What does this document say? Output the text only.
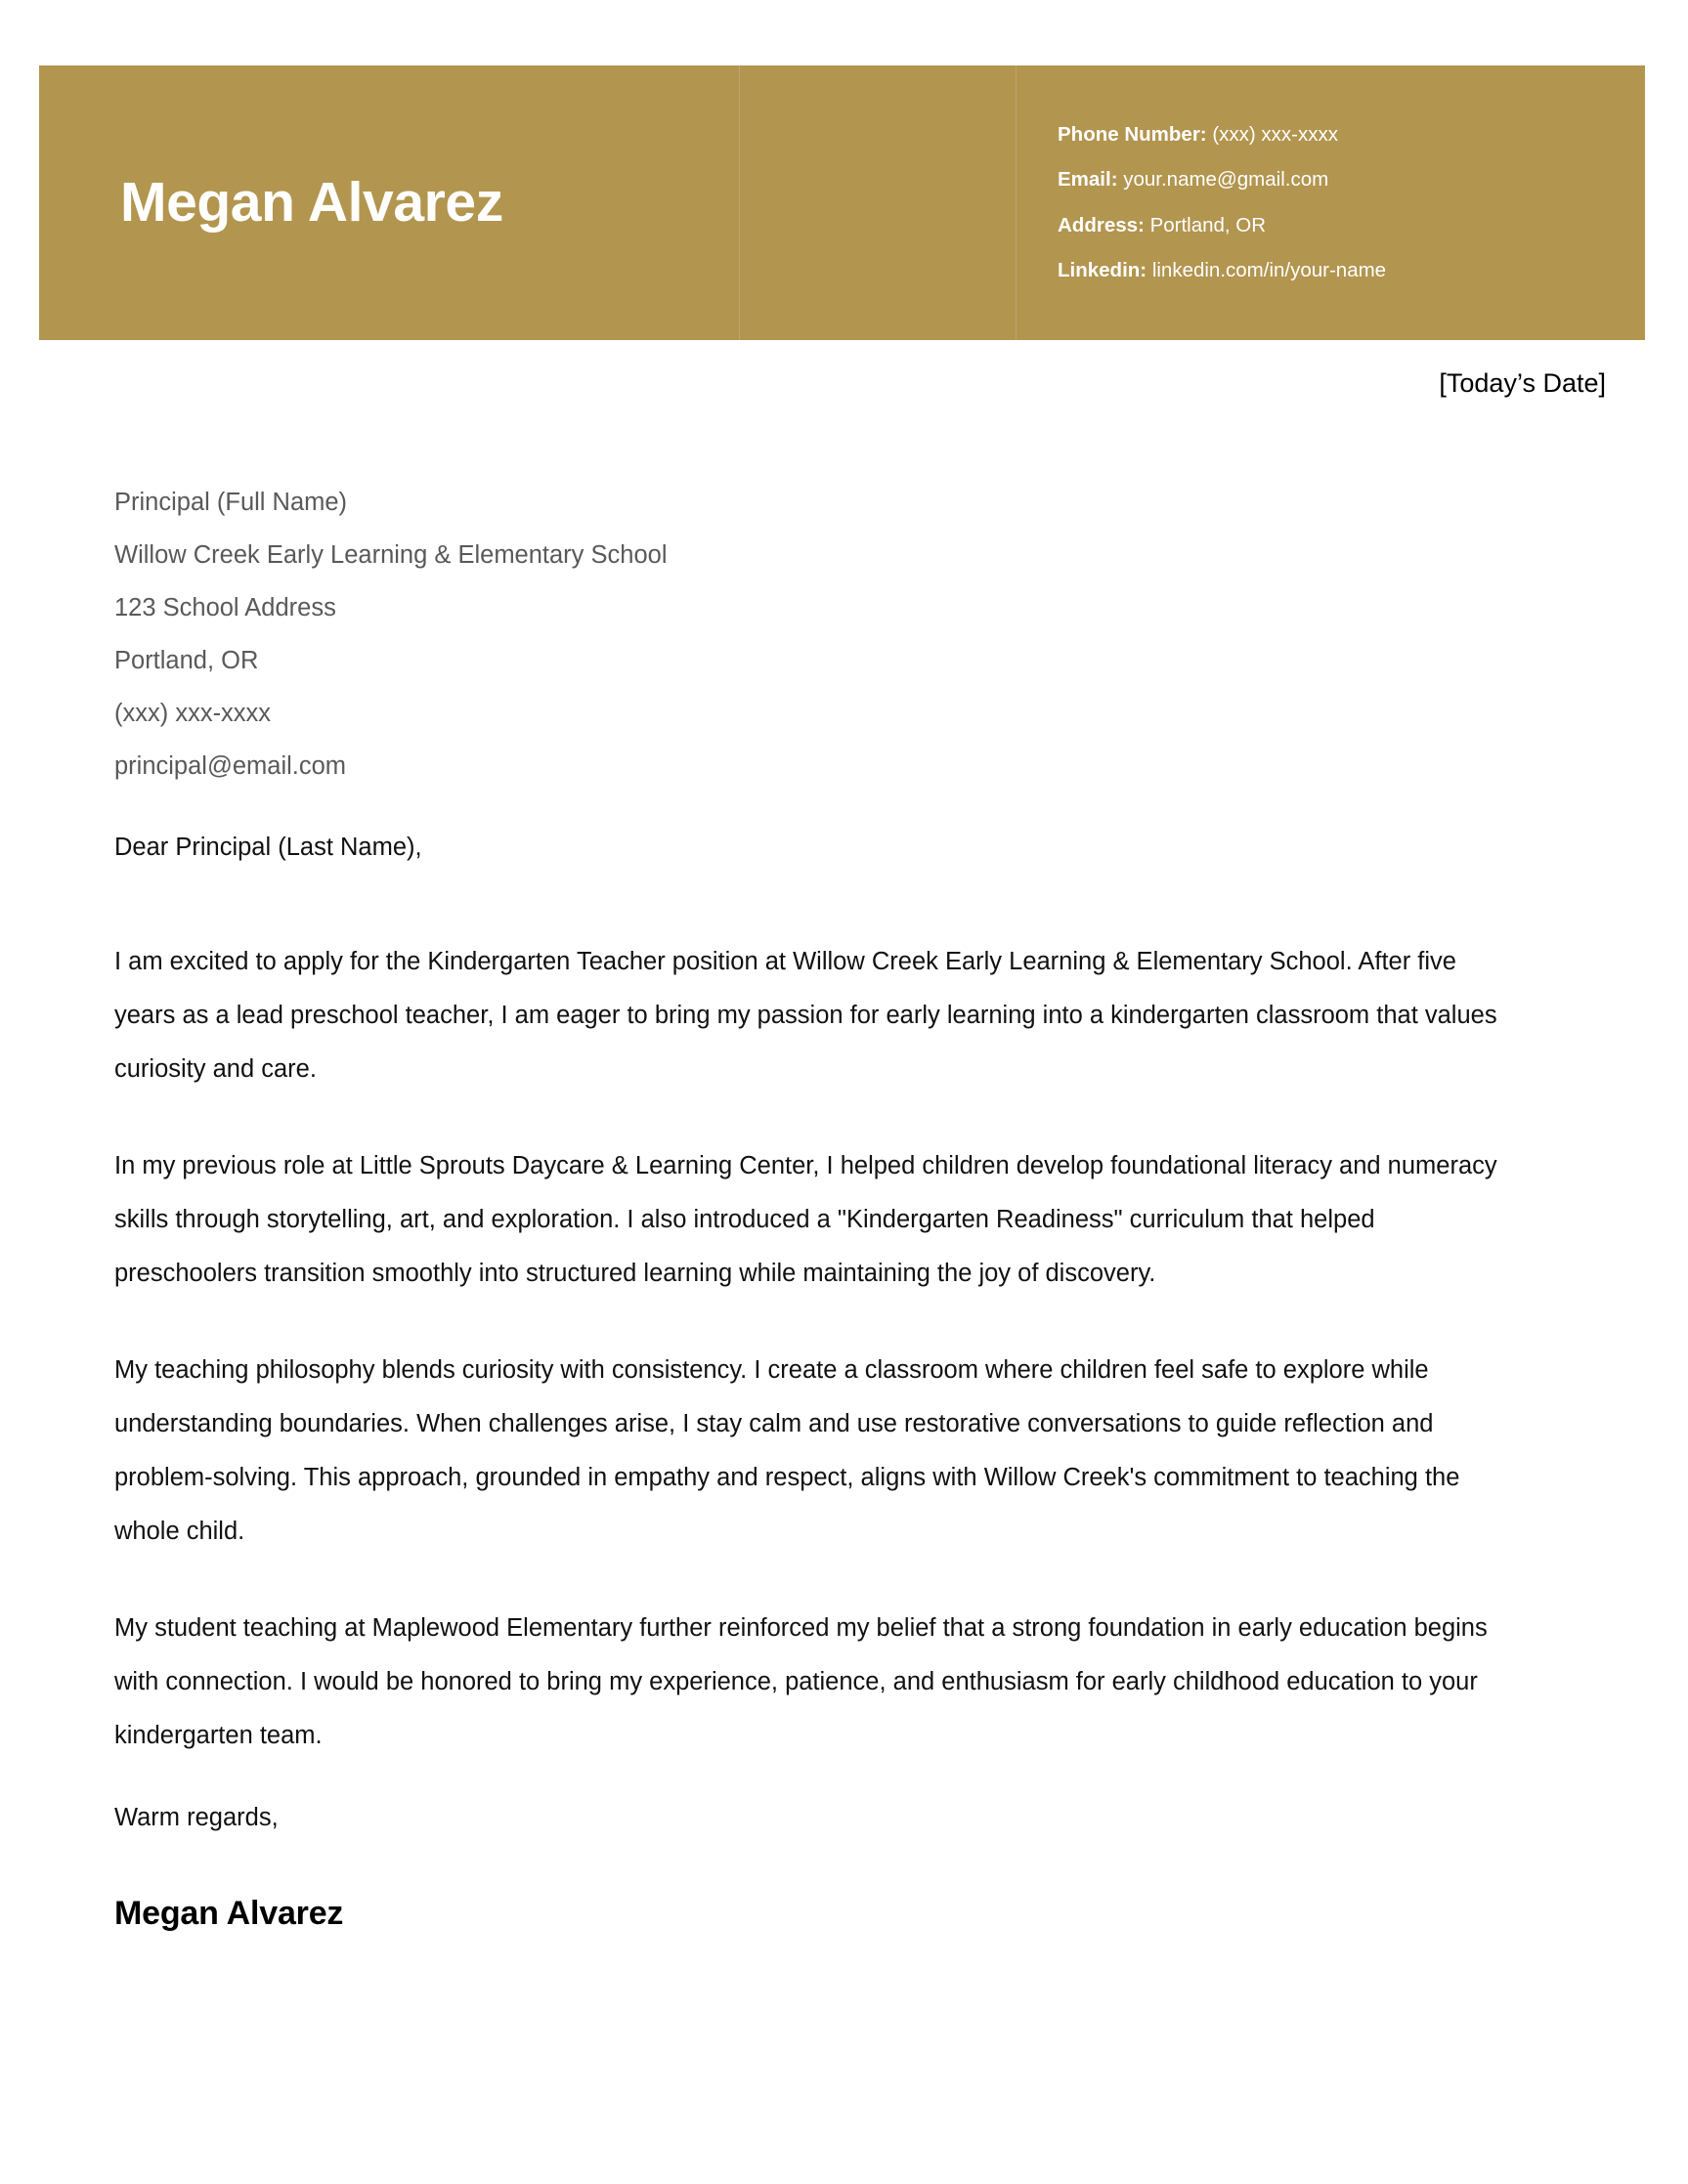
Megan Alvarez
Phone Number: (xxx) xxx-xxxx
Email: your.name@gmail.com
Address: Portland, OR
Linkedin: linkedin.com/in/your-name
[Today’s Date]
Principal (Full Name)
Willow Creek Early Learning & Elementary School
123 School Address
Portland, OR
(xxx) xxx-xxxx
principal@email.com
Dear Principal (Last Name),

I am excited to apply for the Kindergarten Teacher position at Willow Creek Early Learning & Elementary School. After five years as a lead preschool teacher, I am eager to bring my passion for early learning into a kindergarten classroom that values curiosity and care.

In my previous role at Little Sprouts Daycare & Learning Center, I helped children develop foundational literacy and numeracy skills through storytelling, art, and exploration. I also introduced a "Kindergarten Readiness" curriculum that helped preschoolers transition smoothly into structured learning while maintaining the joy of discovery.

My teaching philosophy blends curiosity with consistency. I create a classroom where children feel safe to explore while understanding boundaries. When challenges arise, I stay calm and use restorative conversations to guide reflection and problem-solving. This approach, grounded in empathy and respect, aligns with Willow Creek's commitment to teaching the whole child.

My student teaching at Maplewood Elementary further reinforced my belief that a strong foundation in early education begins with connection. I would be honored to bring my experience, patience, and enthusiasm for early childhood education to your kindergarten team.

Warm regards,
Megan Alvarez
